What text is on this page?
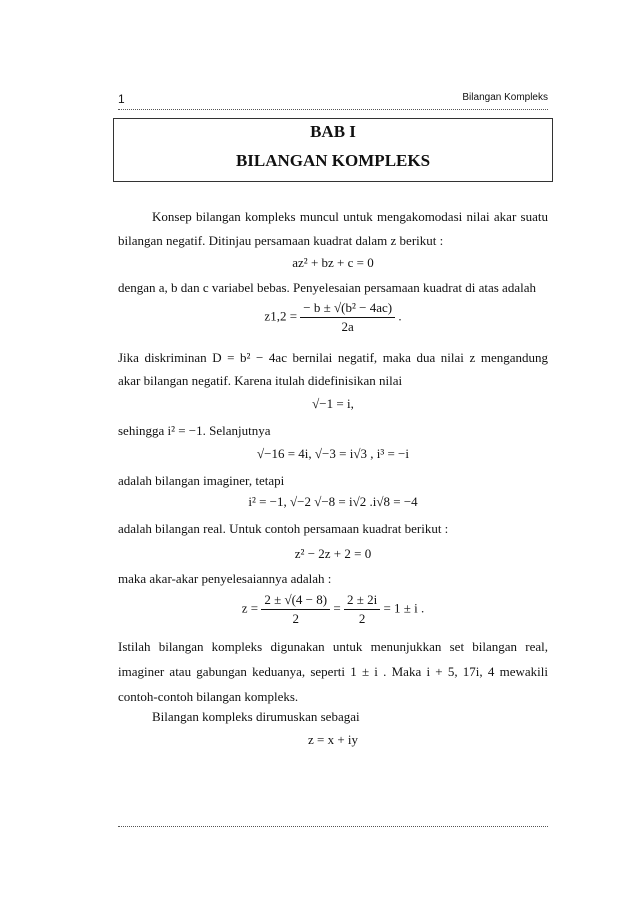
1	Bilangan Kompleks
BAB I
BILANGAN KOMPLEKS
Konsep bilangan kompleks muncul untuk mengakomodasi nilai akar suatu
bilangan negatif. Ditinjau persamaan kuadrat dalam z berikut :
az² + bz + c = 0
dengan a, b dan c variabel bebas. Penyelesaian persamaan kuadrat di atas adalah
$z1,2 = \frac{\text{− b ± √(b² − 4ac)}}{2a}$ .
Jika diskriminan D = b² − 4ac bernilai negatif, maka dua nilai z mengandung
akar bilangan negatif. Karena itulah didefinisikan nilai
√−1 = i,
sehingga i² = −1. Selanjutnya
√−16 = 4i, √−3 = i√3 , i³ = −i
adalah bilangan imaginer, tetapi
i² = −1, √−2 √−8 = i√2 .i√8 = −4
adalah bilangan real. Untuk contoh persamaan kuadrat berikut :
z² − 2z + 2 = 0
maka akar-akar penyelesaiannya adalah :
$z = \frac{2 \pm √(4 - 8)}{2} = \frac{2 \pm 2i}{2} = 1 \pm i$ .
Istilah bilangan kompleks digunakan untuk menunjukkan set bilangan real,
imaginer atau gabungan keduanya, seperti 1 ± i . Maka i + 5, 17i, 4 mewakili
contoh-contoh bilangan kompleks.
Bilangan kompleks dirumuskan sebagai
z = x + iy
